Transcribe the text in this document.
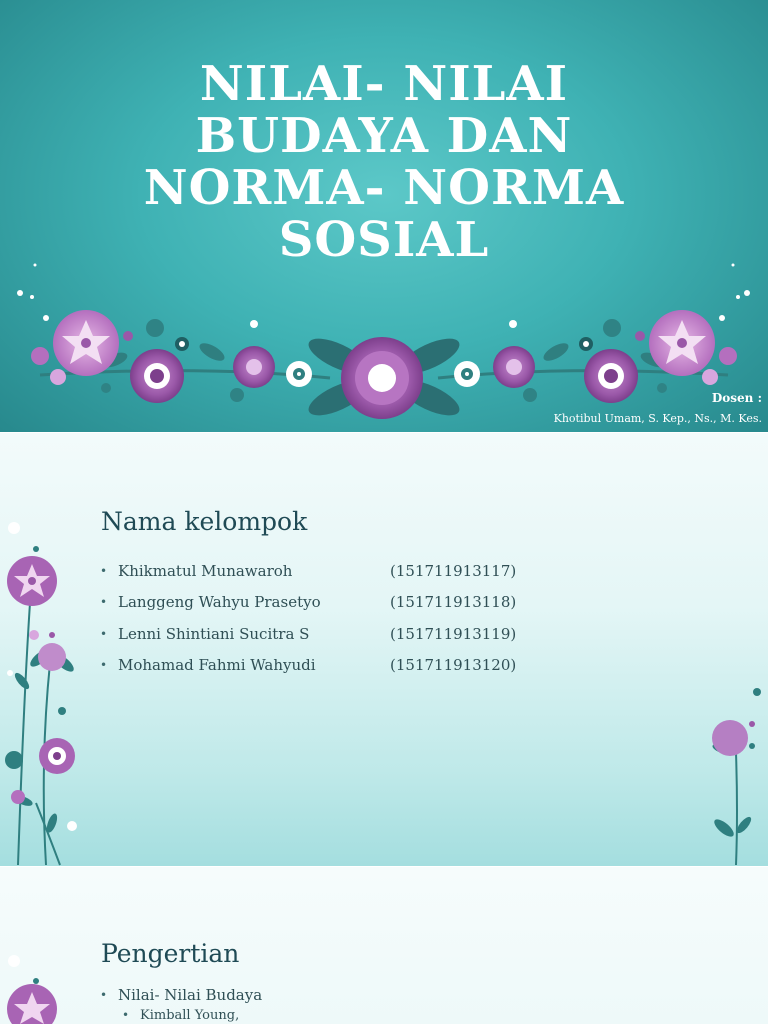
NILAI- NILAI
BUDAYA DAN
NORMA- NORMA
SOSIAL
Dosen :
Khotibul Umam, S. Kep., Ns., M. Kes.
Nama kelompok
• Khikmatul Munawaroh	(151711913117)
• Langgeng Wahyu Prasetyo	(151711913118)
• Lenni Shintiani Sucitra S	(151711913119)
• Mohamad Fahmi Wahyudi	(151711913120)
Pengertian
• Nilai- Nilai Budaya
• Kimball Young,
